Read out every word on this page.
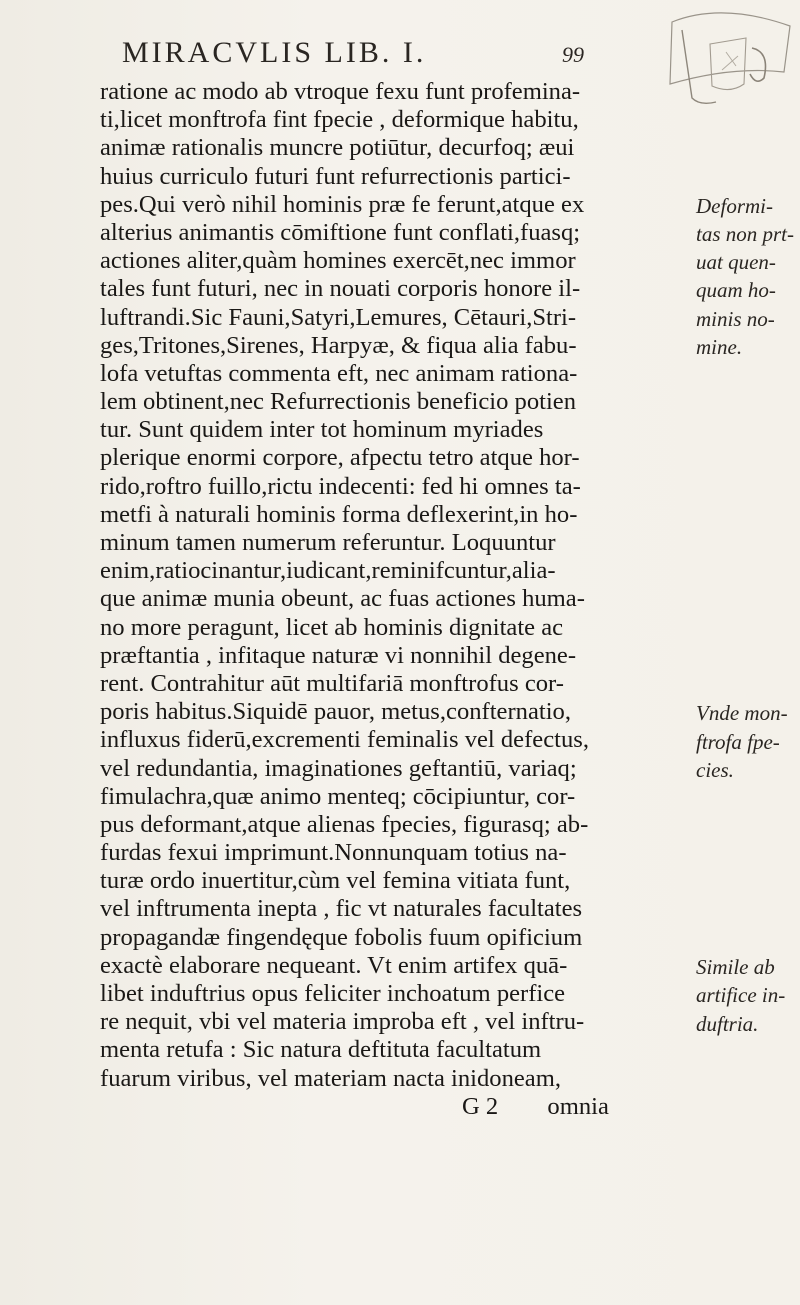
MIRACVLIS LIB. I.	99
ratione ac modo ab vtroque fexu funt profemina-
ti,licet monftrofa fint fpecie , deformique habitu,
animæ rationalis muncre potiūtur, decurfoq; æui
huius curriculo futuri funt refurrectionis partici-
pes.Qui verò nihil hominis præ fe ferunt,atque ex
alterius animantis cōmiftione funt conflati,fuasq;
actiones aliter,quàm homines exercēt,nec immor
tales funt futuri, nec in nouati corporis honore il-
luftrandi.Sic Fauni,Satyri,Lemures, Cētauri,Stri-
ges,Tritones,Sirenes, Harpyæ, & fiqua alia fabu-
lofa vetuftas commenta eft, nec animam rationa-
lem obtinent,nec Refurrectionis beneficio potien
tur. Sunt quidem inter tot hominum myriades
plerique enormi corpore, afpectu tetro atque hor-
rido,roftro fuillo,rictu indecenti: fed hi omnes ta-
metfi à naturali hominis forma deflexerint,in ho-
minum tamen numerum referuntur. Loquuntur
enim,ratiocinantur,iudicant,reminifcuntur,alia-
que animæ munia obeunt, ac fuas actiones huma-
no more peragunt, licet ab hominis dignitate ac
præftantia , infitaque naturæ vi nonnihil degene-
rent. Contrahitur aūt multifariā monftrofus cor-
poris habitus.Siquidē pauor, metus,confternatio,
influxus fiderū,excrementi feminalis vel defectus,
vel redundantia, imaginationes geftantiū, variaq;
fimulachra,quæ animo menteq; cōcipiuntur, cor-
pus deformant,atque alienas fpecies, figurasq; ab-
furdas fexui imprimunt.Nonnunquam totius na-
turæ ordo inuertitur,cùm vel femina vitiata funt,
vel inftrumenta inepta , fic vt naturales facultates
propagandæ fingendęque fobolis fuum opificium
exactè elaborare nequeant. Vt enim artifex quā-
libet induftrius opus feliciter inchoatum perfice
re nequit, vbi vel materia improba eft , vel inftru-
menta retufa : Sic natura deftituta facultatum
fuarum viribus, vel materiam nacta inidoneam,
G 2        omnia
Deformi-
tas non prt-
uat quen-
quam ho-
minis no-
mine.
Vnde mon-
ftrofa fpe-
cies.
Simile ab
artifice in-
duftria.
